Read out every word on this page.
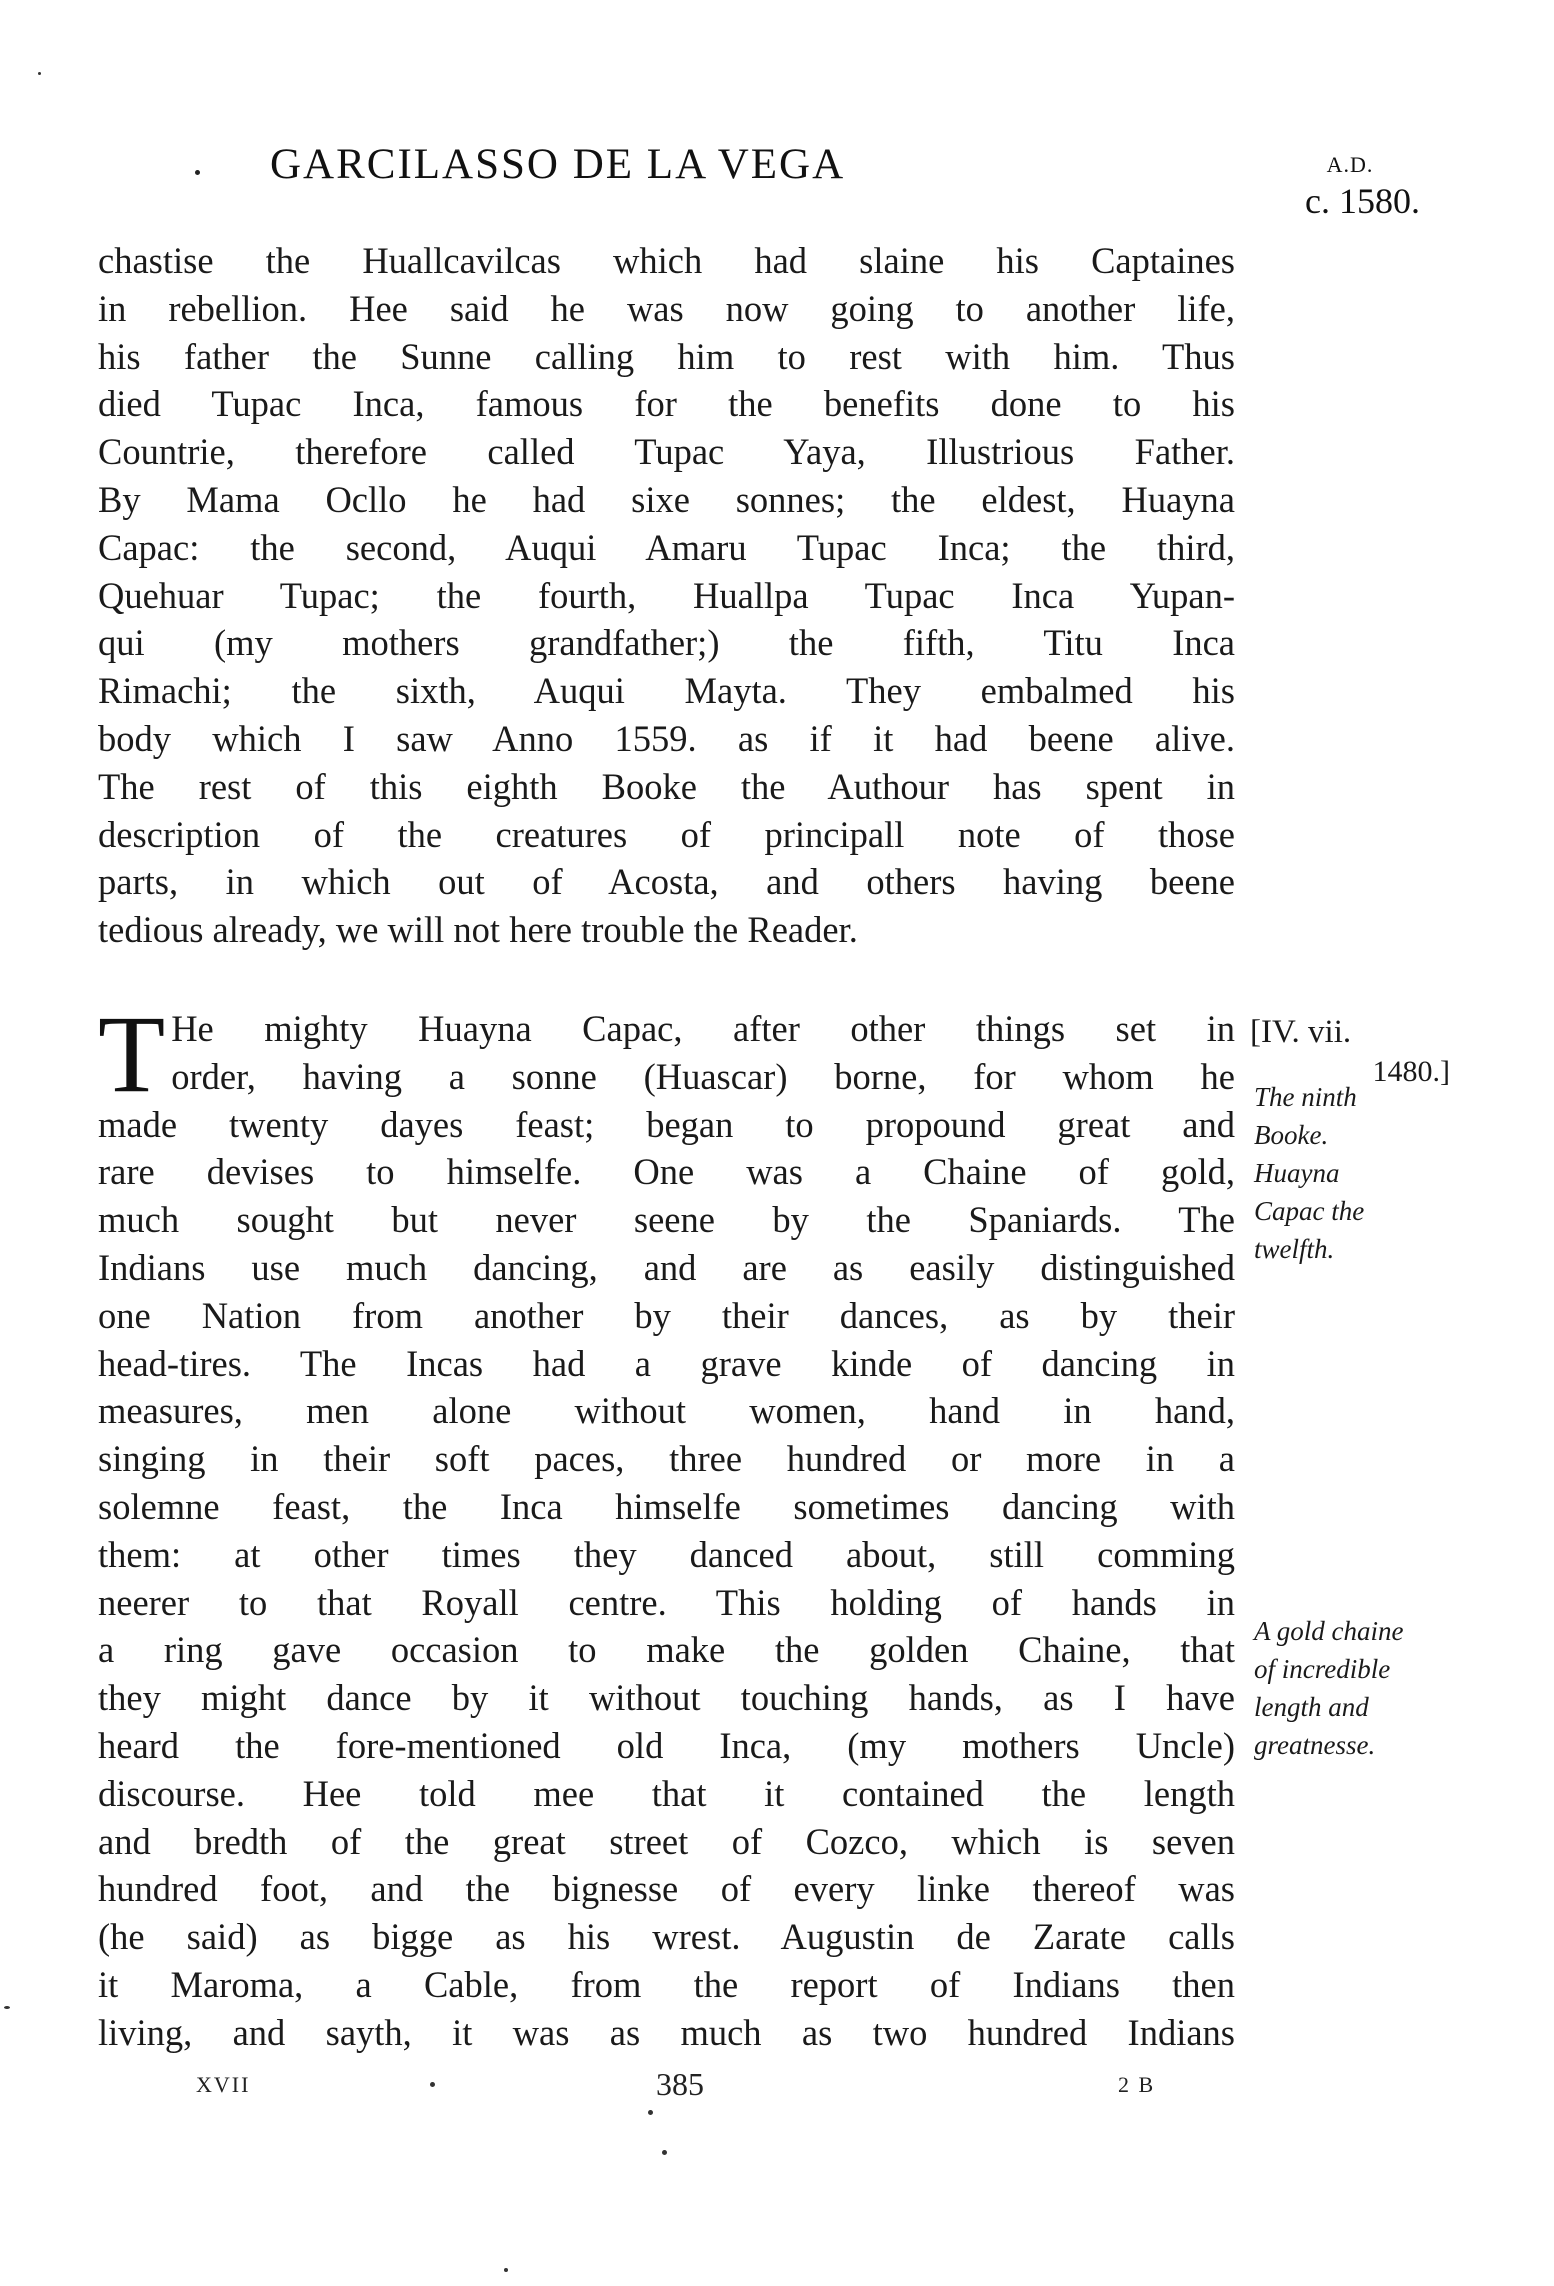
GARCILASSO DE LA VEGA	A.D.
c. 1580.
chastise the Huallcavilcas which had slaine his Captaines
in rebellion. Hee said he was now going to another life,
his father the Sunne calling him to rest with him. Thus
died Tupac Inca, famous for the benefits done to his
Countrie, therefore called Tupac Yaya, Illustrious Father.
By Mama Ocllo he had sixe sonnes; the eldest, Huayna
Capac: the second, Auqui Amaru Tupac Inca; the third,
Quehuar Tupac; the fourth, Huallpa Tupac Inca Yupan-
qui (my mothers grandfather;) the fifth, Titu Inca
Rimachi; the sixth, Auqui Mayta. They embalmed his
body which I saw Anno 1559. as if it had beene alive.
The rest of this eighth Booke the Authour has spent in
description of the creatures of principall note of those
parts, in which out of Acosta, and others having beene
tedious already, we will not here trouble the Reader.
T He mighty Huayna Capac, after other things set in
order, having a sonne (Huascar) borne, for whom he
made twenty dayes feast; began to propound great and
rare devises to himselfe. One was a Chaine of gold,
much sought but never seene by the Spaniards. The
Indians use much dancing, and are as easily distinguished
one Nation from another by their dances, as by their
head-tires. The Incas had a grave kinde of dancing in
measures, men alone without women, hand in hand,
singing in their soft paces, three hundred or more in a
solemne feast, the Inca himselfe sometimes dancing with
them: at other times they danced about, still comming
neerer to that Royall centre. This holding of hands in
a ring gave occasion to make the golden Chaine, that
they might dance by it without touching hands, as I have
heard the fore-mentioned old Inca, (my mothers Uncle)
discourse. Hee told mee that it contained the length
and bredth of the great street of Cozco, which is seven
hundred foot, and the bignesse of every linke thereof was
(he said) as bigge as his wrest. Augustin de Zarate calls
it Maroma, a Cable, from the report of Indians then
living, and sayth, it was as much as two hundred Indians
[IV. vii.
1480.]
The ninth
Booke.
Huayna
Capac the
twelfth.
A gold chaine
of incredible
length and
greatnesse.
XVII	385	2 B
